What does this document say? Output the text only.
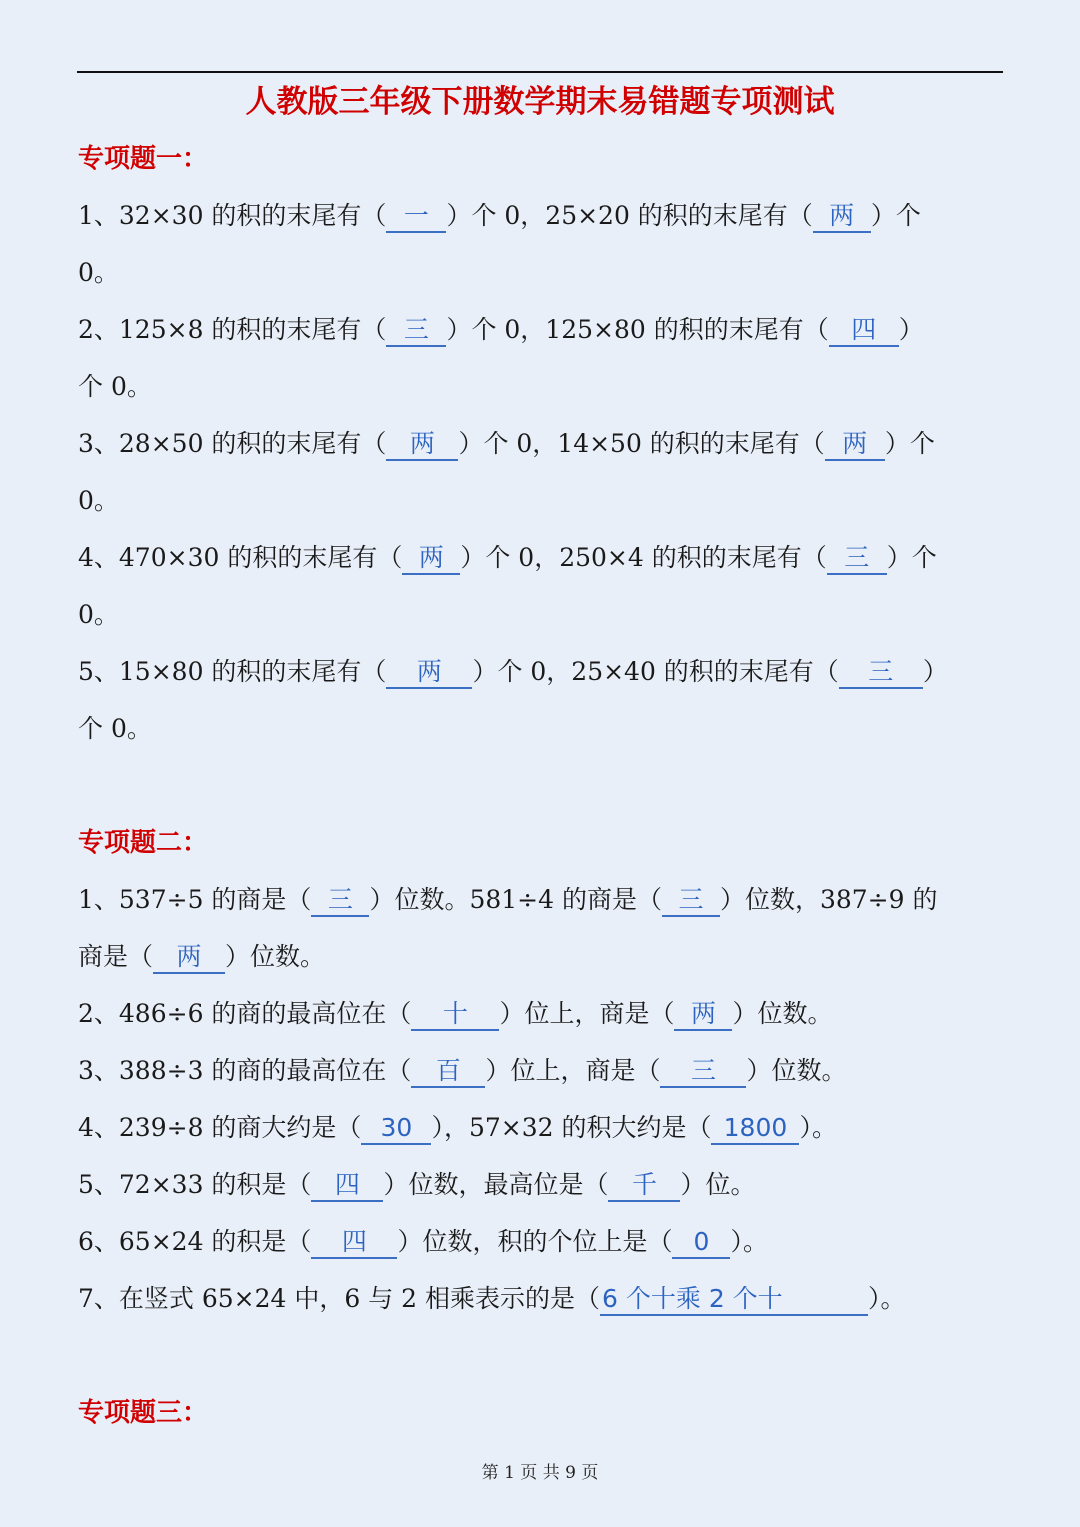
人教版三年级下册数学期末易错题专项测试
专项题一：
1、32×30 的积的末尾有（ 一 ）个 0，25×20 的积的末尾有（ 两 ）个
0。
2、125×8 的积的末尾有（ 三 ）个 0，125×80 的积的末尾有（ 四 ）
个 0。
3、28×50 的积的末尾有（ 两 ）个 0，14×50 的积的末尾有（ 两 ）个
0。
4、470×30 的积的末尾有（ 两 ）个 0，250×4 的积的末尾有（ 三 ）个
0。
5、15×80 的积的末尾有（ 两 ）个 0，25×40 的积的末尾有（ 三 ）
个 0。
专项题二：
1、537÷5 的商是（ 三 ）位数。581÷4 的商是（ 三 ）位数，387÷9 的
商是（ 两 ）位数。
2、486÷6 的商的最高位在（ 十 ）位上，商是（ 两 ）位数。
3、388÷3 的商的最高位在（ 百 ）位上，商是（ 三 ）位数。
4、239÷8 的商大约是（ 30 ），57×32 的积大约是（ 1800 ）。
5、72×33 的积是（ 四 ）位数，最高位是（ 千 ）位。
6、65×24 的积是（ 四 ）位数，积的个位上是（ 0 ）。
7、在竖式 65×24 中，6 与 2 相乘表示的是（6 个十乘 2 个十	）。
专项题三：
第 1 页 共 9 页
